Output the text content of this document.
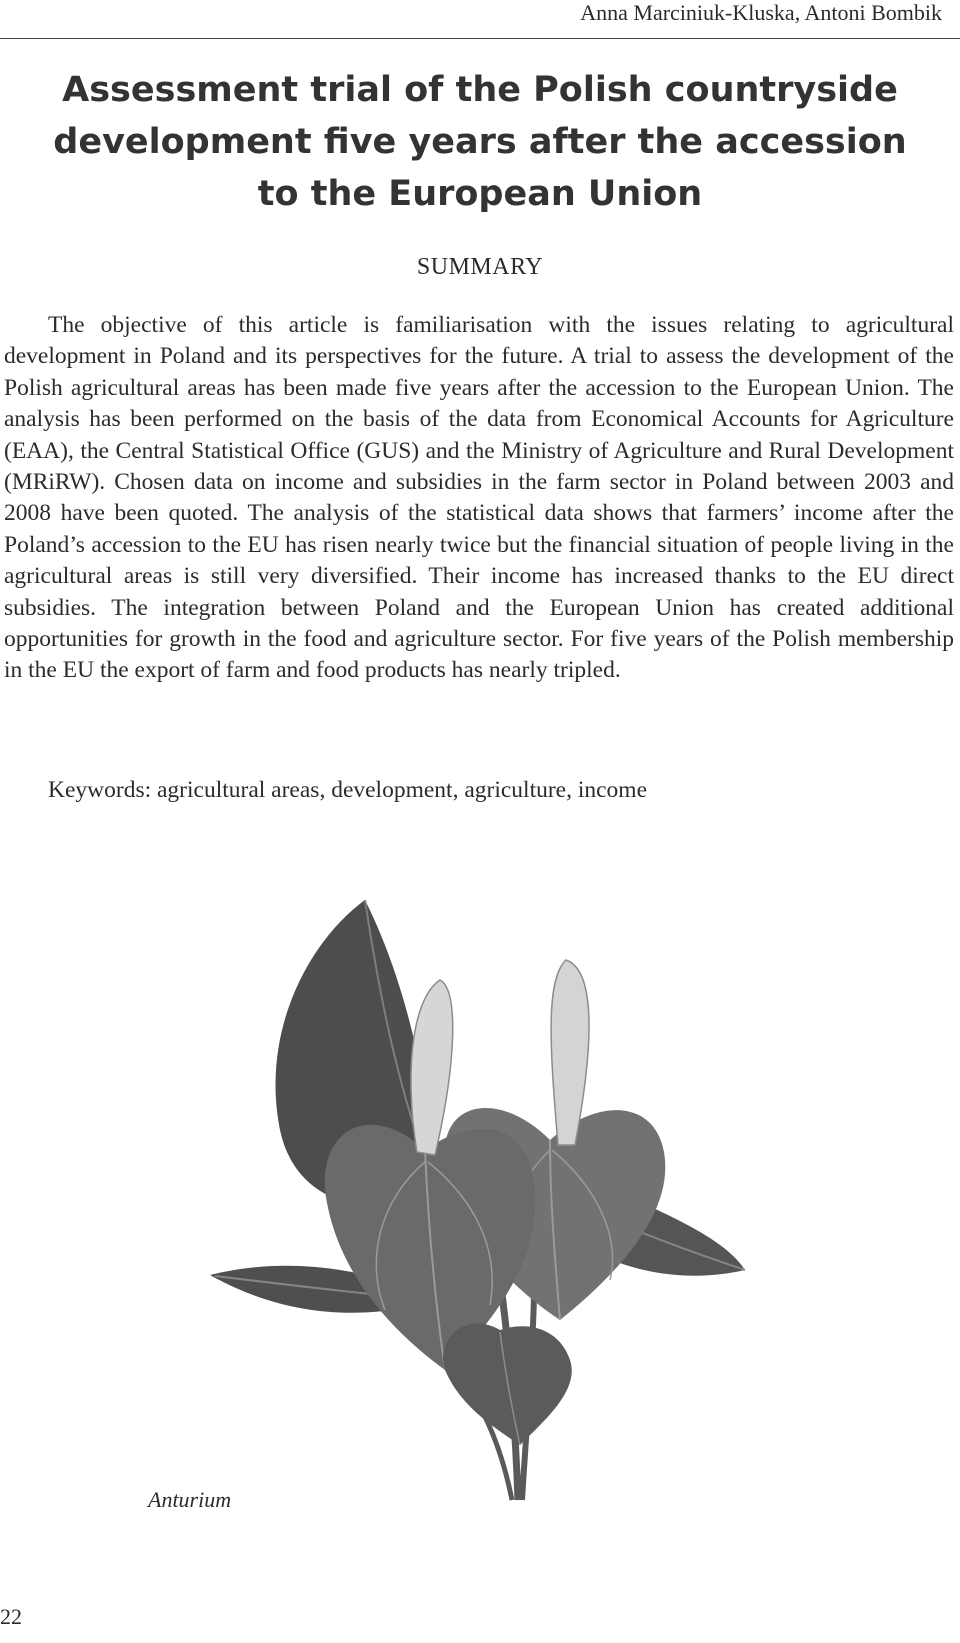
Anna Marciniuk-Kluska, Antoni Bombik
Assessment trial of the Polish countryside
development five years after the accession
to the European Union
SUMMARY

The objective of this article is familiarisation with the issues relating to agricultural development in Poland and its perspectives for the future. A trial to assess the development of the Polish agricultural areas has been made five years after the accession to the European Union. The analysis has been performed on the basis of the data from Economical Accounts for Agriculture (EAA), the Central Statistical Office (GUS) and the Ministry of Agriculture and Rural Development (MRiRW). Chosen data on income and subsidies in the farm sector in Poland between 2003 and 2008 have been quoted. The analysis of the statistical data shows that farmers’ income after the Poland’s accession to the EU has risen nearly twice but the financial situation of people living in the agricultural areas is still very diversified. Their income has increased thanks to the EU direct subsidies. The integration between Poland and the European Union has created additional opportunities for growth in the food and agriculture sector. For five years of the Polish membership in the EU the export of farm and food products has nearly tripled.

Keywords: agricultural areas, development, agriculture, income
Anturium
22
